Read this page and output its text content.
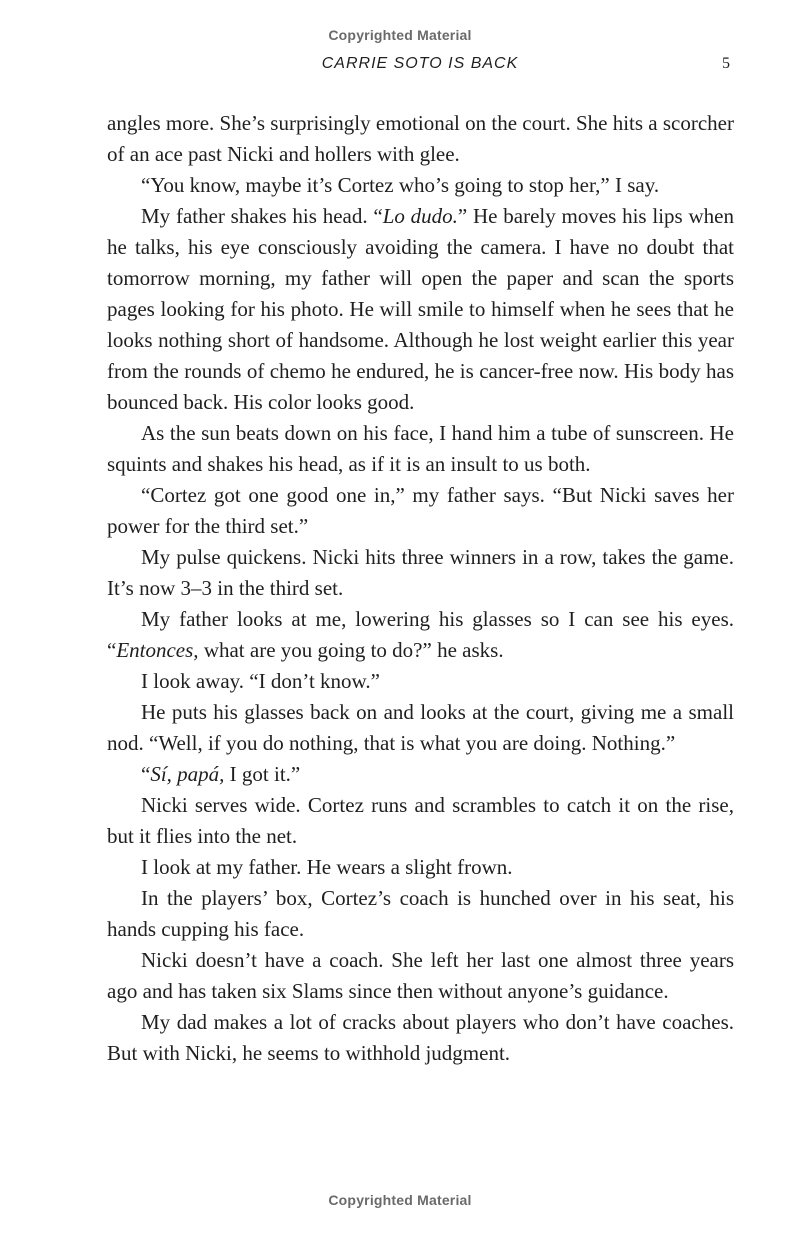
Copyrighted Material
CARRIE SOTO IS BACK	5

angles more. She’s surprisingly emotional on the court. She hits a scorcher of an ace past Nicki and hollers with glee.

“You know, maybe it’s Cortez who’s going to stop her,” I say.

My father shakes his head. “Lo dudo.” He barely moves his lips when he talks, his eye consciously avoiding the camera. I have no doubt that tomorrow morning, my father will open the paper and scan the sports pages looking for his photo. He will smile to himself when he sees that he looks nothing short of handsome. Although he lost weight earlier this year from the rounds of chemo he endured, he is cancer-free now. His body has bounced back. His color looks good.

As the sun beats down on his face, I hand him a tube of sunscreen. He squints and shakes his head, as if it is an insult to us both.

“Cortez got one good one in,” my father says. “But Nicki saves her power for the third set.”

My pulse quickens. Nicki hits three winners in a row, takes the game. It’s now 3–3 in the third set.

My father looks at me, lowering his glasses so I can see his eyes. “Entonces, what are you going to do?” he asks.

I look away. “I don’t know.”

He puts his glasses back on and looks at the court, giving me a small nod. “Well, if you do nothing, that is what you are doing. Nothing.”

“Sí, papá, I got it.”

Nicki serves wide. Cortez runs and scrambles to catch it on the rise, but it flies into the net.

I look at my father. He wears a slight frown.

In the players’ box, Cortez’s coach is hunched over in his seat, his hands cupping his face.

Nicki doesn’t have a coach. She left her last one almost three years ago and has taken six Slams since then without anyone’s guidance.

My dad makes a lot of cracks about players who don’t have coaches. But with Nicki, he seems to withhold judgment.

Copyrighted Material
